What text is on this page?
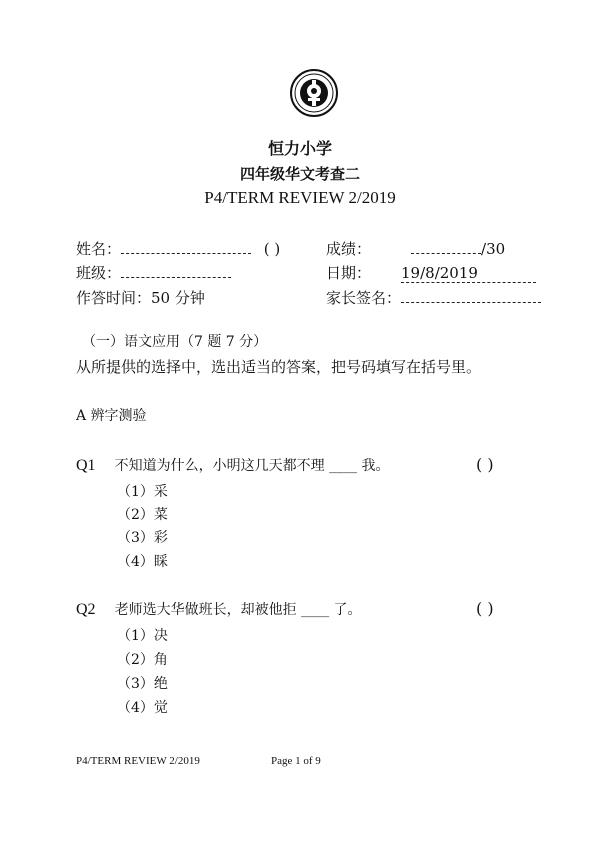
恒力小学
四年级华文考查二
P4/TERM REVIEW 2/2019
姓名：	( )	成绩：	/30
班级：	日期： 19/8/2019
作答时间：50 分钟	家长签名：
（一）语文应用（7 题 7 分）
从所提供的选择中，选出适当的答案，把号码填写在括号里。
A 辨字测验
Q1 不知道为什么，小明这几天都不理 ____ 我。	( )
（1）采
（2）菜
（3）彩
（4）睬
Q2 老师选大华做班长，却被他拒 ____ 了。	( )
（1）决
（2）角
（3）绝
（4）觉
P4/TERM REVIEW 2/2019	Page 1 of 9
